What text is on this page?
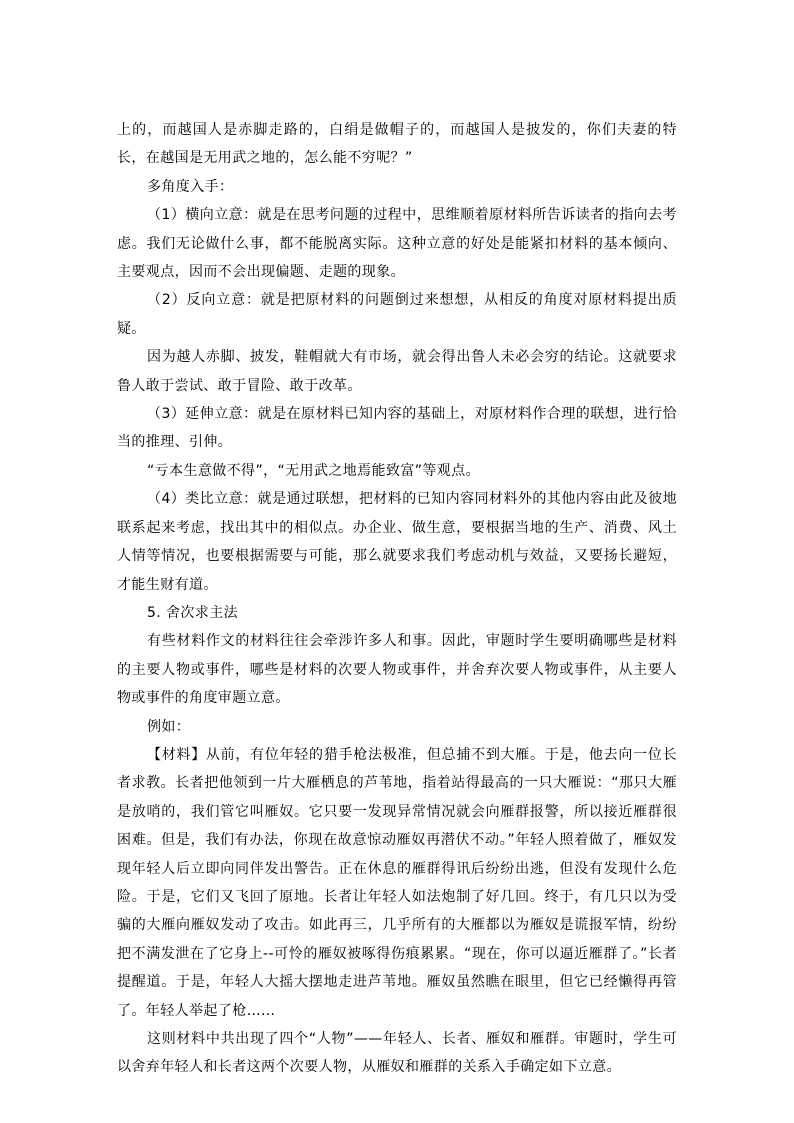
上的，而越国人是赤脚走路的，白绢是做帽子的，而越国人是披发的，你们夫妻的特长，在越国是无用武之地的，怎么能不穷呢？”

多角度入手：

（1）横向立意：就是在思考问题的过程中，思维顺着原材料所告诉读者的指向去考虑。我们无论做什么事，都不能脱离实际。这种立意的好处是能紧扣材料的基本倾向、主要观点，因而不会出现偏题、走题的现象。

（2）反向立意：就是把原材料的问题倒过来想想，从相反的角度对原材料提出质疑。

因为越人赤脚、披发，鞋帽就大有市场，就会得出鲁人未必会穷的结论。这就要求鲁人敢于尝试、敢于冒险、敢于改革。

（3）延伸立意：就是在原材料已知内容的基础上，对原材料作合理的联想，进行恰当的推理、引伸。

“亏本生意做不得”，“无用武之地焉能致富”等观点。

（4）类比立意：就是通过联想，把材料的已知内容同材料外的其他内容由此及彼地联系起来考虑，找出其中的相似点。办企业、做生意，要根据当地的生产、消费、风土人情等情况，也要根据需要与可能，那么就要求我们考虑动机与效益，又要扬长避短，才能生财有道。

5. 舍次求主法

有些材料作文的材料往往会牵涉许多人和事。因此，审题时学生要明确哪些是材料的主要人物或事件，哪些是材料的次要人物或事件，并舍弃次要人物或事件，从主要人物或事件的角度审题立意。

例如：

【材料】从前，有位年轻的猎手枪法极准，但总捕不到大雁。于是，他去向一位长者求教。长者把他领到一片大雁栖息的芦苇地，指着站得最高的一只大雁说：“那只大雁是放哨的，我们管它叫雁奴。它只要一发现异常情况就会向雁群报警，所以接近雁群很困难。但是，我们有办法，你现在故意惊动雁奴再潜伏不动。”年轻人照着做了，雁奴发现年轻人后立即向同伴发出警告。正在休息的雁群得讯后纷纷出逃，但没有发现什么危险。于是，它们又飞回了原地。长者让年轻人如法炮制了好几回。终于，有几只以为受骗的大雁向雁奴发动了攻击。如此再三，几乎所有的大雁都以为雁奴是谎报军情，纷纷把不满发泄在了它身上--可怜的雁奴被啄得伤痕累累。“现在，你可以逼近雁群了。”长者提醒道。于是，年轻人大摇大摆地走进芦苇地。雁奴虽然瞧在眼里，但它已经懒得再管了。年轻人举起了枪……

这则材料中共出现了四个“人物”——年轻人、长者、雁奴和雁群。审题时，学生可以舍弃年轻人和长者这两个次要人物，从雁奴和雁群的关系入手确定如下立意。
